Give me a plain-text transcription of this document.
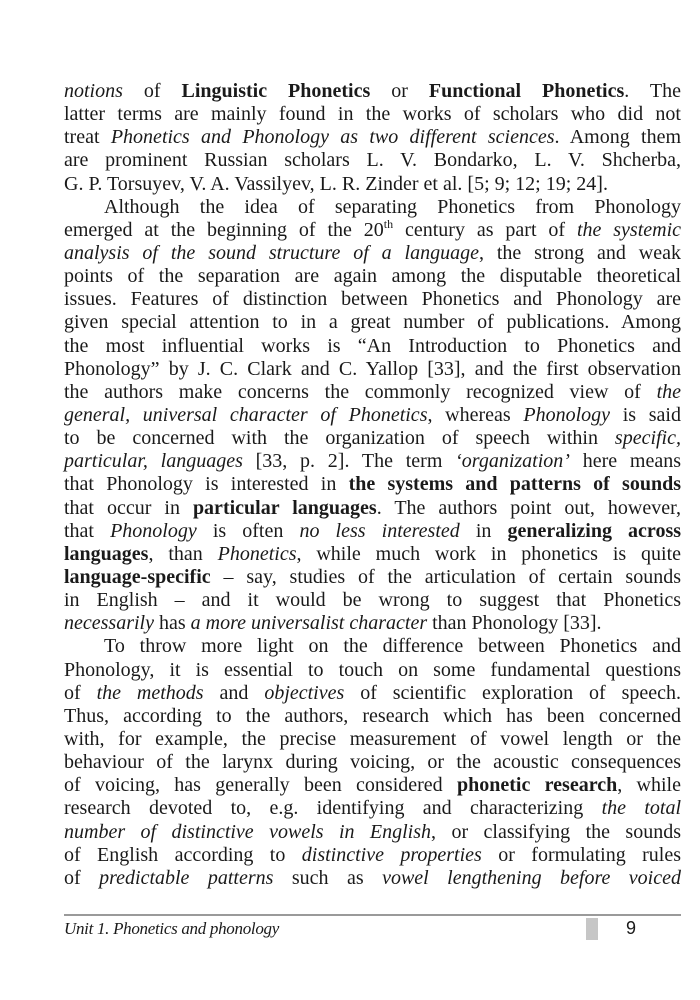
notions of Linguistic Phonetics or Functional Phonetics. The
latter terms are mainly found in the works of scholars who did not
treat Phonetics and Phonology as two different sciences. Among them
are prominent Russian scholars L. V. Bondarko, L. V. Shcherba,
G. P. Torsuyev, V. A. Vassilyev, L. R. Zinder et al. [5; 9; 12; 19; 24].
Although the idea of separating Phonetics from Phonology
emerged at the beginning of the 20th century as part of the systemic
analysis of the sound structure of a language, the strong and weak
points of the separation are again among the disputable theoretical
issues. Features of distinction between Phonetics and Phonology are
given special attention to in a great number of publications. Among
the most influential works is “An Introduction to Phonetics and
Phonology” by J. C. Clark and C. Yallop [33], and the first observation
the authors make concerns the commonly recognized view of the
general, universal character of Phonetics, whereas Phonology is said
to be concerned with the organization of speech within specific,
particular, languages [33, p. 2]. The term ‘organization’ here means
that Phonology is interested in the systems and patterns of sounds
that occur in particular languages. The authors point out, however,
that Phonology is often no less interested in generalizing across
languages, than Phonetics, while much work in phonetics is quite
language-specific – say, studies of the articulation of certain sounds
in English – and it would be wrong to suggest that Phonetics
necessarily has a more universalist character than Phonology [33].
To throw more light on the difference between Phonetics and
Phonology, it is essential to touch on some fundamental questions
of the methods and objectives of scientific exploration of speech.
Thus, according to the authors, research which has been concerned
with, for example, the precise measurement of vowel length or the
behaviour of the larynx during voicing, or the acoustic consequences
of voicing, has generally been considered phonetic research, while
research devoted to, e.g. identifying and characterizing the total
number of distinctive vowels in English, or classifying the sounds
of English according to distinctive properties or formulating rules
of predictable patterns such as vowel lengthening before voiced
Unit 1. Phonetics and phonology	9
